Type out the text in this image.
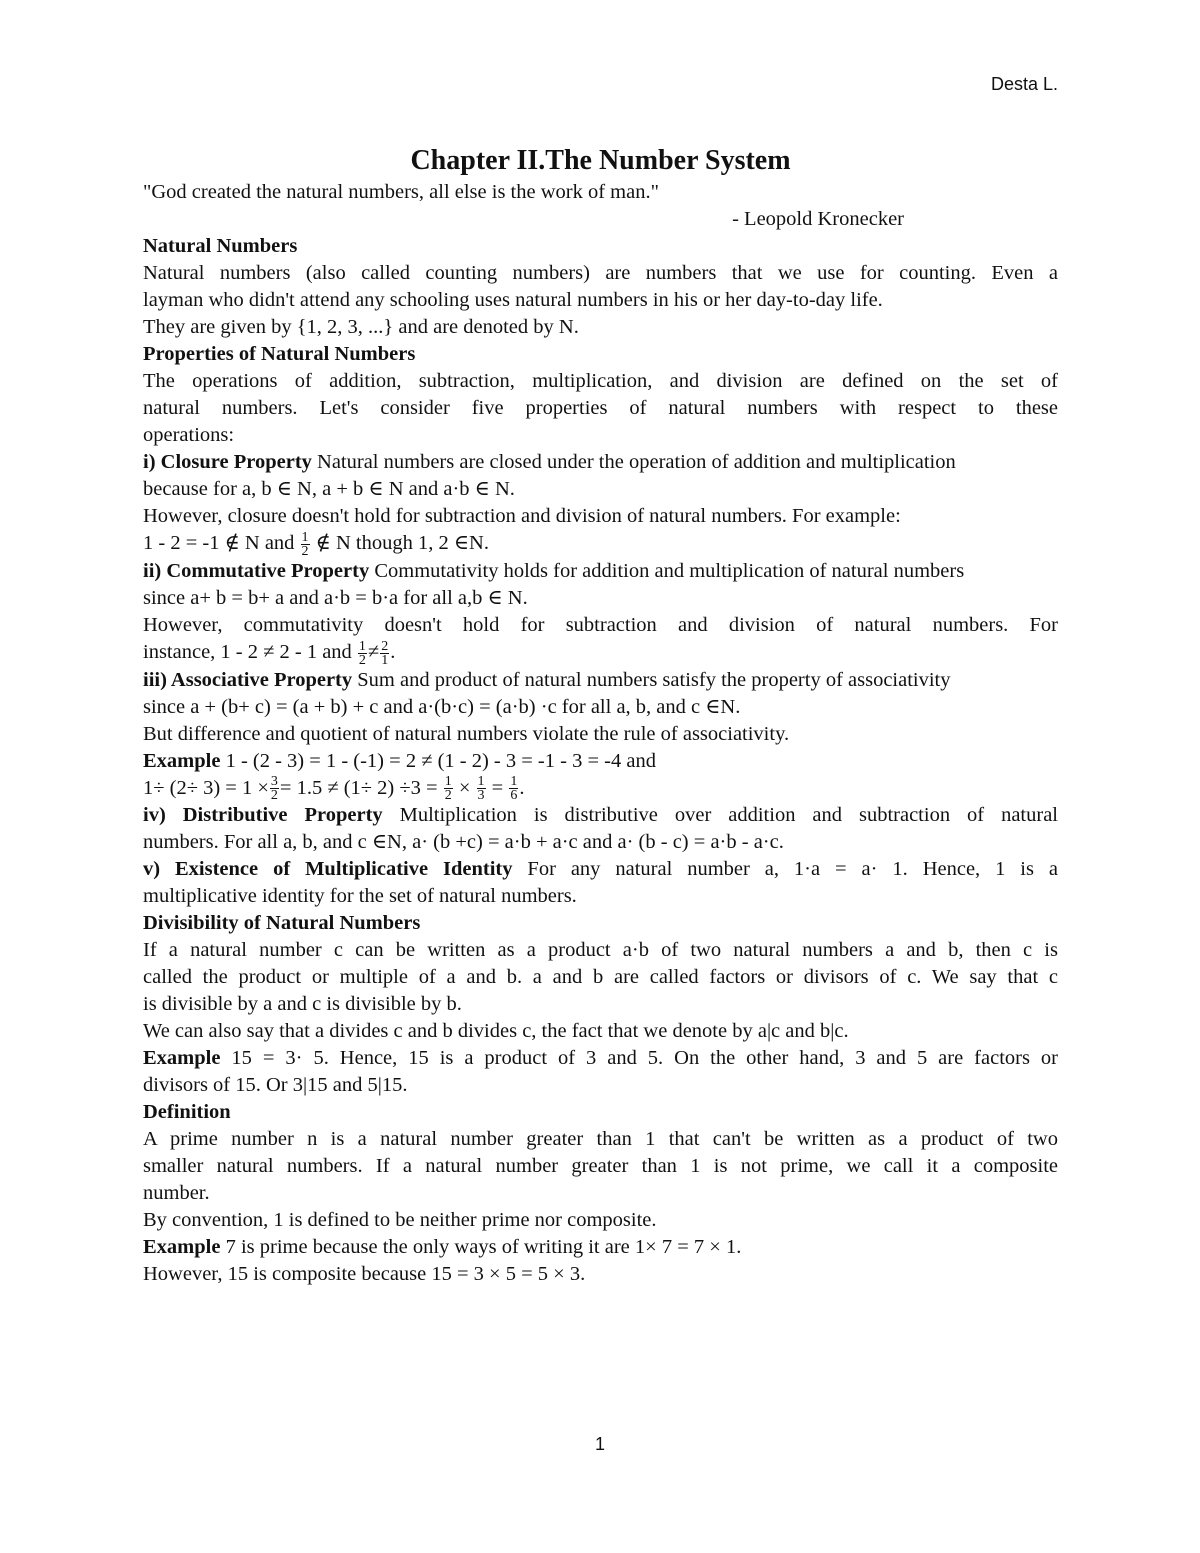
Desta L.

Chapter II.The Number System

"God created the natural numbers, all else is the work of man."

- Leopold Kronecker

Natural Numbers

Natural numbers (also called counting numbers) are numbers that we use for counting. Even a

layman who didn't attend any schooling uses natural numbers in his or her day-to-day life.

They are given by {1, 2, 3, ...} and are denoted by N.

Properties of Natural Numbers

The operations of addition, subtraction, multiplication, and division are defined on the set of

natural numbers. Let's consider five properties of natural numbers with respect to these

operations:

i) Closure Property Natural numbers are closed under the operation of addition and multiplication

because for a, b ∈ N, a + b ∈ N and a·b ∈ N.

However, closure doesn't hold for subtraction and division of natural numbers. For example:

1 - 2 = -1 ∉ N and $\frac{1}{2}$ ∉ N though 1, 2 ∈N.

ii) Commutative Property Commutativity holds for addition and multiplication of natural numbers

since a+ b = b+ a and a·b = b·a for all a,b ∈ N.

However, commutativity doesn't hold for subtraction and division of natural numbers. For

instance, 1 - 2 ≠ 2 - 1 and $\frac{1}{2} \ne \frac{2}{1}$ .

iii) Associative Property Sum and product of natural numbers satisfy the property of associativity

since a + (b+ c) = (a + b) + c and a·(b·c) = (a·b) ·c for all a, b, and c ∈N.

But difference and quotient of natural numbers violate the rule of associativity.

Example 1 - (2 - 3) = 1 - (-1) = 2 ≠ (1 - 2) - 3 = -1 - 3 = -4 and

$1\div (2\div 3) = 1 \times \frac{3}{2} = 1.5 \ne (1\div 2) \div 3 = \frac{1}{2} \times \frac{1}{3} = \frac{1}{6}$ .

iv) Distributive Property Multiplication is distributive over addition and subtraction of natural

numbers. For all a, b, and c ∈N, a· (b +c) = a·b + a·c and a· (b - c) = a·b - a·c.

v) Existence of Multiplicative Identity For any natural number a, 1·a = a· 1. Hence, 1 is a

multiplicative identity for the set of natural numbers.

Divisibility of Natural Numbers

If a natural number c can be written as a product a·b of two natural numbers a and b, then c is

called the product or multiple of a and b. a and b are called factors or divisors of c. We say that c

is divisible by a and c is divisible by b.

We can also say that a divides c and b divides c, the fact that we denote by a|c and b|c.

Example 15 = 3· 5. Hence, 15 is a product of 3 and 5. On the other hand, 3 and 5 are factors or

divisors of 15. Or 3|15 and 5|15.

Definition

A prime number n is a natural number greater than 1 that can't be written as a product of two

smaller natural numbers. If a natural number greater than 1 is not prime, we call it a composite

number.

By convention, 1 is defined to be neither prime nor composite.

Example 7 is prime because the only ways of writing it are 1× 7 = 7 × 1.

However, 15 is composite because 15 = 3 × 5 = 5 × 3.

1
